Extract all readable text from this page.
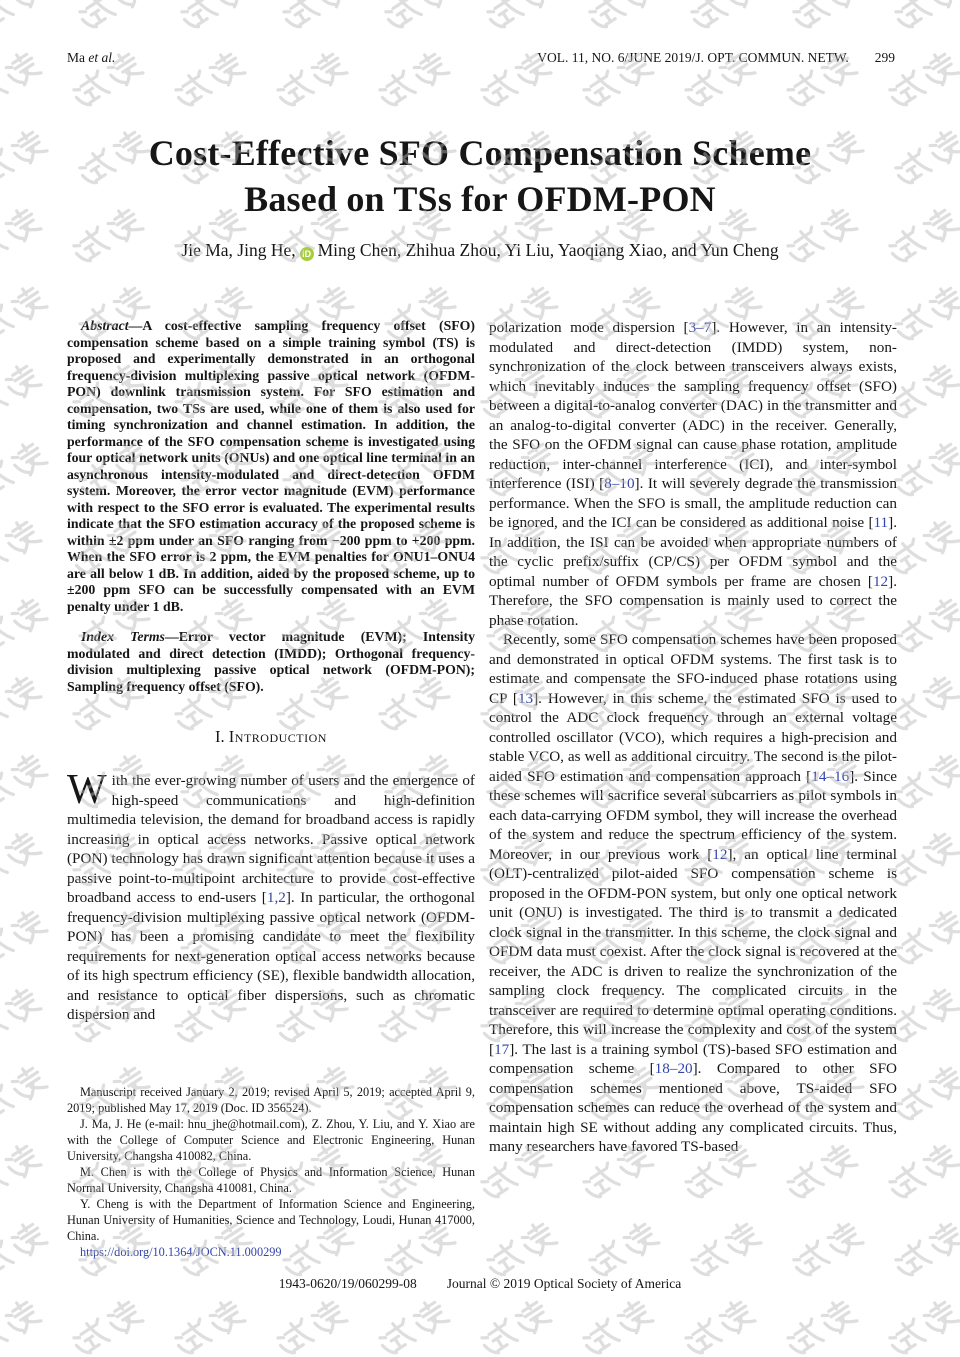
Ma et al.	VOL. 11, NO. 6/JUNE 2019/J. OPT. COMMUN. NETW. 299
Cost-Effective SFO Compensation Scheme
Based on TSs for OFDM-PON
Jie Ma, Jing He, iD Ming Chen, Zhihua Zhou, Yi Liu, Yaoqiang Xiao, and Yun Cheng

Abstract—A cost-effective sampling frequency offset (SFO) compensation scheme based on a simple training symbol (TS) is proposed and experimentally demonstrated in an orthogonal frequency-division multiplexing passive optical network (OFDM-PON) downlink transmission system. For SFO estimation and compensation, two TSs are used, while one of them is also used for timing synchronization and channel estimation. In addition, the performance of the SFO compensation scheme is investigated using four optical network units (ONUs) and one optical line terminal in an asynchronous intensity-modulated and direct-detection OFDM system. Moreover, the error vector magnitude (EVM) performance with respect to the SFO error is evaluated. The experimental results indicate that the SFO estimation accuracy of the proposed scheme is within ±2 ppm under an SFO ranging from −200 ppm to +200 ppm. When the SFO error is 2 ppm, the EVM penalties for ONU1–ONU4 are all below 1 dB. In addition, aided by the proposed scheme, up to ±200 ppm SFO can be successfully compensated with an EVM penalty under 1 dB.

Index Terms—Error vector magnitude (EVM); Intensity modulated and direct detection (IMDD); Orthogonal frequency-division multiplexing passive optical network (OFDM-PON); Sampling frequency offset (SFO).

I. Introduction

With the ever-growing number of users and the emergence of high-speed communications and high-definition multimedia television, the demand for broadband access is rapidly increasing in optical access networks. Passive optical network (PON) technology has drawn significant attention because it uses a passive point-to-multipoint architecture to provide cost-effective broadband access to end-users [1,2]. In particular, the orthogonal frequency-division multiplexing passive optical network (OFDM-PON) has been a promising candidate to meet the flexibility requirements for next-generation optical access networks because of its high spectrum efficiency (SE), flexible bandwidth allocation, and resistance to optical fiber dispersions, such as chromatic dispersion and

Manuscript received January 2, 2019; revised April 5, 2019; accepted April 9, 2019; published May 17, 2019 (Doc. ID 356524).

J. Ma, J. He (e-mail: hnu_jhe@hotmail.com), Z. Zhou, Y. Liu, and Y. Xiao are with the College of Computer Science and Electronic Engineering, Hunan University, Changsha 410082, China.

M. Chen is with the College of Physics and Information Science, Hunan Normal University, Changsha 410081, China.

Y. Cheng is with the Department of Information Science and Engineering, Hunan University of Humanities, Science and Technology, Loudi, Hunan 417000, China.

https://doi.org/10.1364/JOCN.11.000299

polarization mode dispersion [3–7]. However, in an intensity-modulated and direct-detection (IMDD) system, non-synchronization of the clock between transceivers always exists, which inevitably induces the sampling frequency offset (SFO) between a digital-to-analog converter (DAC) in the transmitter and an analog-to-digital converter (ADC) in the receiver. Generally, the SFO on the OFDM signal can cause phase rotation, amplitude reduction, inter-channel interference (ICI), and inter-symbol interference (ISI) [8–10]. It will severely degrade the transmission performance. When the SFO is small, the amplitude reduction can be ignored, and the ICI can be considered as additional noise [11]. In addition, the ISI can be avoided when appropriate numbers of the cyclic prefix/suffix (CP/CS) per OFDM symbol and the optimal number of OFDM symbols per frame are chosen [12]. Therefore, the SFO compensation is mainly used to correct the phase rotation.

Recently, some SFO compensation schemes have been proposed and demonstrated in optical OFDM systems. The first task is to estimate and compensate the SFO-induced phase rotations using CP [13]. However, in this scheme, the estimated SFO is used to control the ADC clock frequency through an external voltage controlled oscillator (VCO), which requires a high-precision and stable VCO, as well as additional circuitry. The second is the pilot-aided SFO estimation and compensation approach [14–16]. Since these schemes will sacrifice several subcarriers as pilot symbols in each data-carrying OFDM symbol, they will increase the overhead of the system and reduce the spectrum efficiency of the system. Moreover, in our previous work [12], an optical line terminal (OLT)-centralized pilot-aided SFO compensation scheme is proposed in the OFDM-PON system, but only one optical network unit (ONU) is investigated. The third is to transmit a dedicated clock signal in the transmitter. In this scheme, the clock signal and OFDM data must coexist. After the clock signal is recovered at the receiver, the ADC is driven to realize the synchronization of the sampling clock frequency. The complicated circuits in the transceiver are required to determine optimal operating conditions. Therefore, this will increase the complexity and cost of the system [17]. The last is a training symbol (TS)-based SFO estimation and compensation scheme [18–20]. Compared to other SFO compensation schemes mentioned above, TS-aided SFO compensation schemes can reduce the overhead of the system and maintain high SE without adding any complicated circuits. Thus, many researchers have favored TS-based

1943-0620/19/060299-08 Journal © 2019 Optical Society of America
